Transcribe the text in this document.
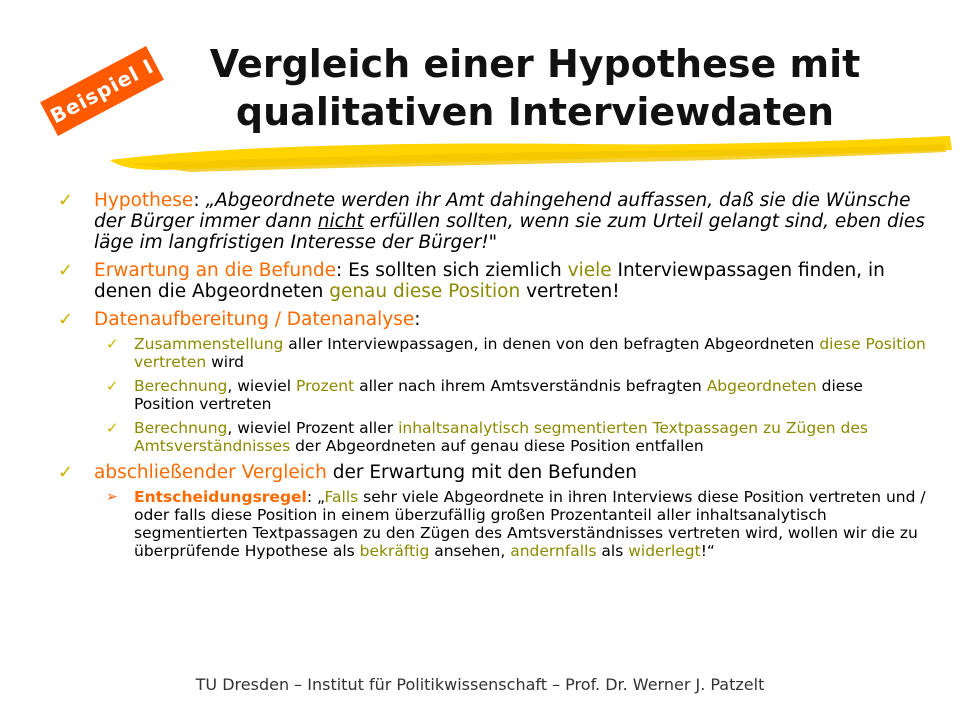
Beispiel I	Vergleich einer Hypothese mit
qualitativen Interviewdaten
✓ Hypothese: „Abgeordnete werden ihr Amt dahingehend auffassen, daß sie die Wünsche der Bürger immer dann nicht erfüllen sollten, wenn sie zum Urteil gelangt sind, eben dies läge im langfristigen Interesse der Bürger!"
✓ Erwartung an die Befunde: Es sollten sich ziemlich viele Interviewpassagen finden, in denen die Abgeordneten genau diese Position vertreten!
✓ Datenaufbereitung / Datenanalyse:
✓ Zusammenstellung aller Interviewpassagen, in denen von den befragten Abgeordneten diese Position vertreten wird
✓ Berechnung, wieviel Prozent aller nach ihrem Amtsverständnis befragten Abgeordneten diese Position vertreten
✓ Berechnung, wieviel Prozent aller inhaltsanalytisch segmentierten Textpassagen zu Zügen des Amtsverständnisses der Abgeordneten auf genau diese Position entfallen
✓ abschließender Vergleich der Erwartung mit den Befunden
➢ Entscheidungsregel: „Falls sehr viele Abgeordnete in ihren Interviews diese Position vertreten und / oder falls diese Position in einem überzufällig großen Prozentanteil aller inhaltsanalytisch segmentierten Textpassagen zu den Zügen des Amtsverständnisses vertreten wird, wollen wir die zu überprüfende Hypothese als bekräftig ansehen, andernfalls als widerlegt!“
TU Dresden – Institut für Politikwissenschaft – Prof. Dr. Werner J. Patzelt
